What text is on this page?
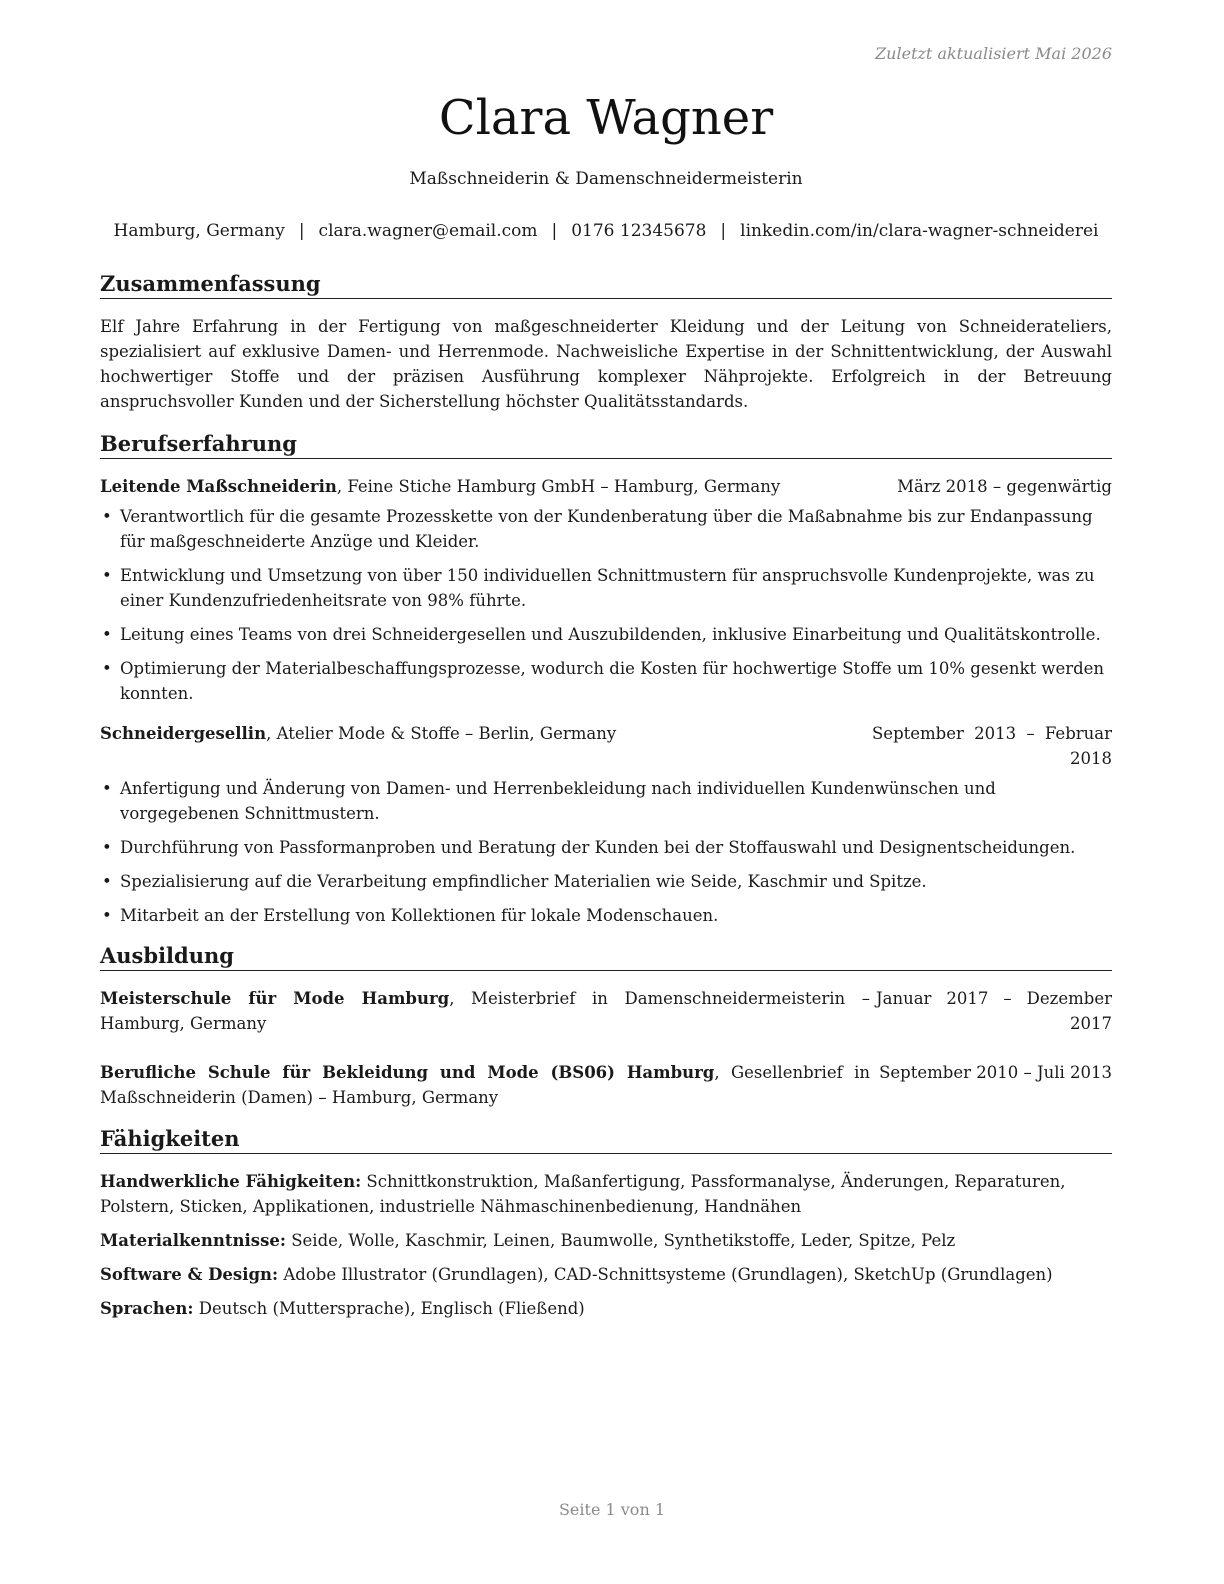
Zuletzt aktualisiert Mai 2026
Clara Wagner
Maßschneiderin & Damenschneidermeisterin
Hamburg, Germany | clara.wagner@email.com | 0176 12345678 | linkedin.com/in/clara-wagner-schneiderei
Zusammenfassung
Elf Jahre Erfahrung in der Fertigung von maßgeschneiderter Kleidung und der Leitung von Schneiderateliers, spezialisiert auf exklusive Damen- und Herrenmode. Nachweisliche Expertise in der Schnittentwicklung, der Auswahl hochwertiger Stoffe und der präzisen Ausführung komplexer Nähprojekte. Erfolgreich in der Betreuung anspruchsvoller Kunden und der Sicherstellung höchster Qualitätsstandards.
Berufserfahrung
Leitende Maßschneiderin, Feine Stiche Hamburg GmbH – Hamburg, Germany	März 2018 – gegenwärtig
• Verantwortlich für die gesamte Prozesskette von der Kundenberatung über die Maßabnahme bis zur Endanpassung für maßgeschneiderte Anzüge und Kleider.
• Entwicklung und Umsetzung von über 150 individuellen Schnittmustern für anspruchsvolle Kundenprojekte, was zu einer Kundenzufriedenheitsrate von 98% führte.
• Leitung eines Teams von drei Schneidergesellen und Auszubildenden, inklusive Einarbeitung und Qualitätskontrolle.
• Optimierung der Materialbeschaffungsprozesse, wodurch die Kosten für hochwertige Stoffe um 10% gesenkt werden konnten.
Schneidergesellin, Atelier Mode & Stoffe – Berlin, Germany	September 2013 – Februar 2018
• Anfertigung und Änderung von Damen- und Herrenbekleidung nach individuellen Kundenwünschen und vorgegebenen Schnittmustern.
• Durchführung von Passformanproben und Beratung der Kunden bei der Stoffauswahl und Designentscheidungen.
• Spezialisierung auf die Verarbeitung empfindlicher Materialien wie Seide, Kaschmir und Spitze.
• Mitarbeit an der Erstellung von Kollektionen für lokale Modenschauen.
Ausbildung
Meisterschule für Mode Hamburg, Meisterbrief in Damenschneidermeisterin – Hamburg, Germany
Januar 2017 – Dezember 2017
Berufliche Schule für Bekleidung und Mode (BS06) Hamburg, Gesellenbrief in Maßschneiderin (Damen) – Hamburg, Germany
September 2010 – Juli 2013
Fähigkeiten
Handwerkliche Fähigkeiten: Schnittkonstruktion, Maßanfertigung, Passformanalyse, Änderungen, Reparaturen, Polstern, Sticken, Applikationen, industrielle Nähmaschinenbedienung, Handnähen
Materialkenntnisse: Seide, Wolle, Kaschmir, Leinen, Baumwolle, Synthetikstoffe, Leder, Spitze, Pelz
Software & Design: Adobe Illustrator (Grundlagen), CAD-Schnittsysteme (Grundlagen), SketchUp (Grundlagen)
Sprachen: Deutsch (Muttersprache), Englisch (Fließend)
Seite 1 von 1
